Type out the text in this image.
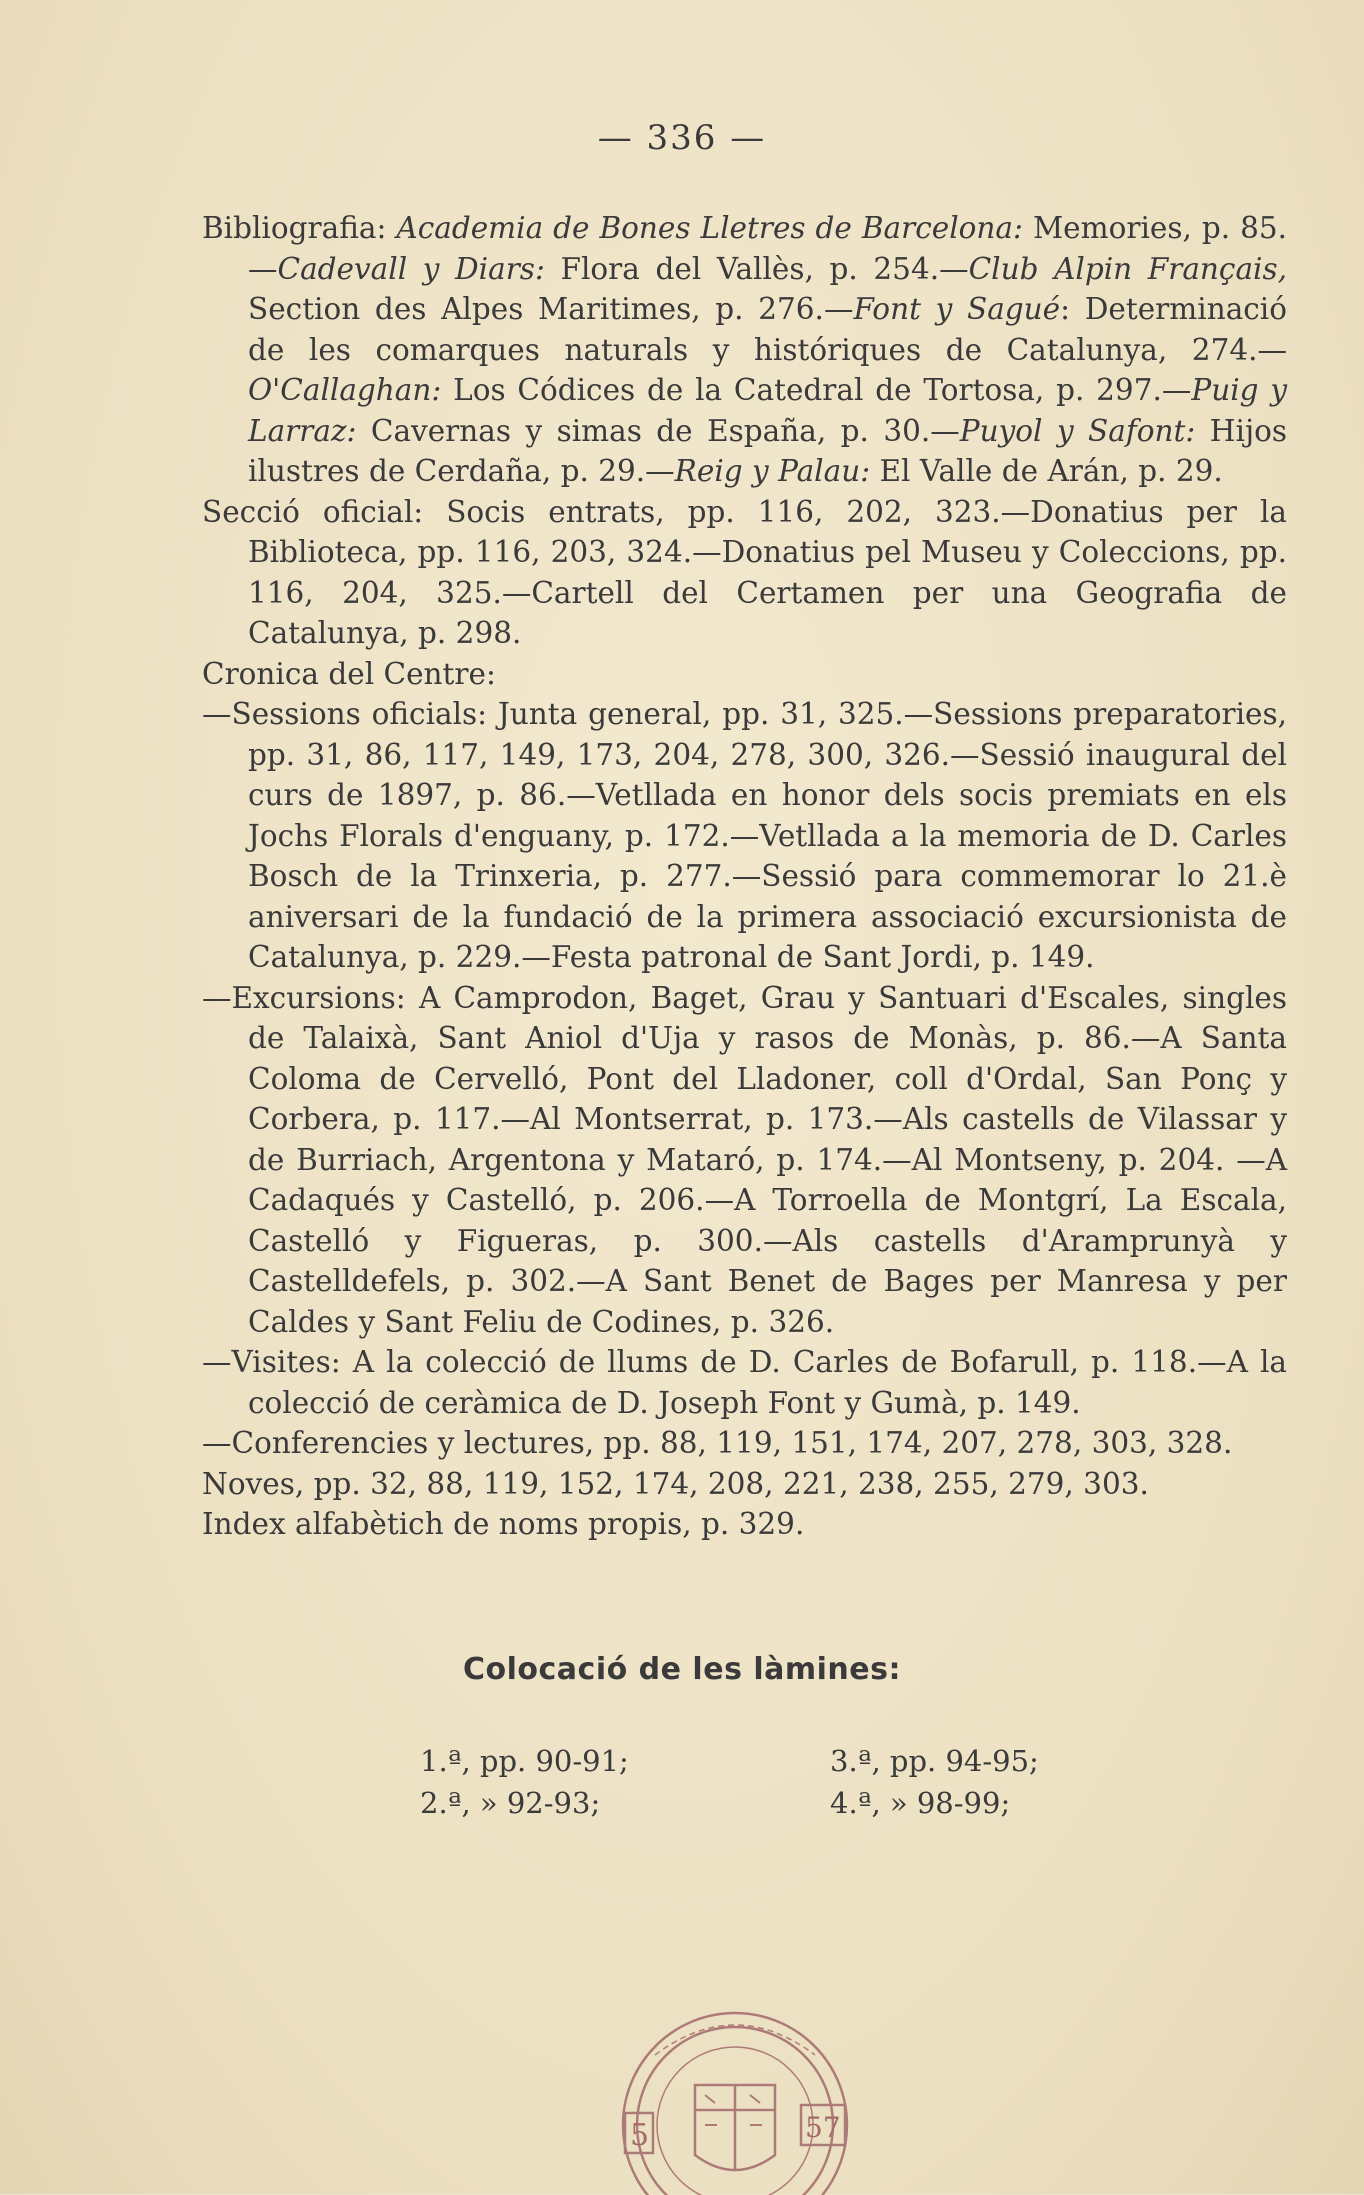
— 336 —
Bibliografia: Academia de Bones Lletres de Barcelona: Memories, p. 85. —Cadevall y Diars: Flora del Vallès, p. 254.—Club Alpin Français, Section des Alpes Maritimes, p. 276.—Font y Sagué: Determinació de les comarques naturals y históriques de Catalunya, 274.—O'Callaghan: Los Códices de la Catedral de Tortosa, p. 297.—Puig y Larraz: Cavernas y simas de España, p. 30.—Puyol y Safont: Hijos ilustres de Cerdaña, p. 29.—Reig y Palau: El Valle de Arán, p. 29.
Secció oficial: Socis entrats, pp. 116, 202, 323.—Donatius per la Biblioteca, pp. 116, 203, 324.—Donatius pel Museu y Coleccions, pp. 116, 204, 325.—Cartell del Certamen per una Geografia de Catalunya, p. 298.
Cronica del Centre:
—Sessions oficials: Junta general, pp. 31, 325.—Sessions preparatories, pp. 31, 86, 117, 149, 173, 204, 278, 300, 326.—Sessió inaugural del curs de 1897, p. 86.—Vetllada en honor dels socis premiats en els Jochs Florals d'enguany, p. 172.—Vetllada a la memoria de D. Carles Bosch de la Trinxeria, p. 277.—Sessió para commemorar lo 21.è aniversari de la fundació de la primera associació excursionista de Catalunya, p. 229.—Festa patronal de Sant Jordi, p. 149.
—Excursions: A Camprodon, Baget, Grau y Santuari d'Escales, singles de Talaixà, Sant Aniol d'Uja y rasos de Monàs, p. 86.—A Santa Coloma de Cervelló, Pont del Lladoner, coll d'Ordal, San Ponç y Corbera, p. 117.—Al Montserrat, p. 173.—Als castells de Vilassar y de Burriach, Argentona y Mataró, p. 174.—Al Montseny, p. 204. —A Cadaqués y Castelló, p. 206.—A Torroella de Montgrí, La Escala, Castelló y Figueras, p. 300.—Als castells d'Aramprunyà y Castelldefels, p. 302.—A Sant Benet de Bages per Manresa y per Caldes y Sant Feliu de Codines, p. 326.
—Visites: A la colecció de llums de D. Carles de Bofarull, p. 118.—A la colecció de ceràmica de D. Joseph Font y Gumà, p. 149.
—Conferencies y lectures, pp. 88, 119, 151, 174, 207, 278, 303, 328.
Noves, pp. 32, 88, 119, 152, 174, 208, 221, 238, 255, 279, 303.
Index alfabètich de noms propis, p. 329.
Colocació de les làmines:
1.ª, pp. 90-91;	3.ª, pp. 94-95;
2.ª, » 92-93;	4.ª, » 98-99;
5	57
